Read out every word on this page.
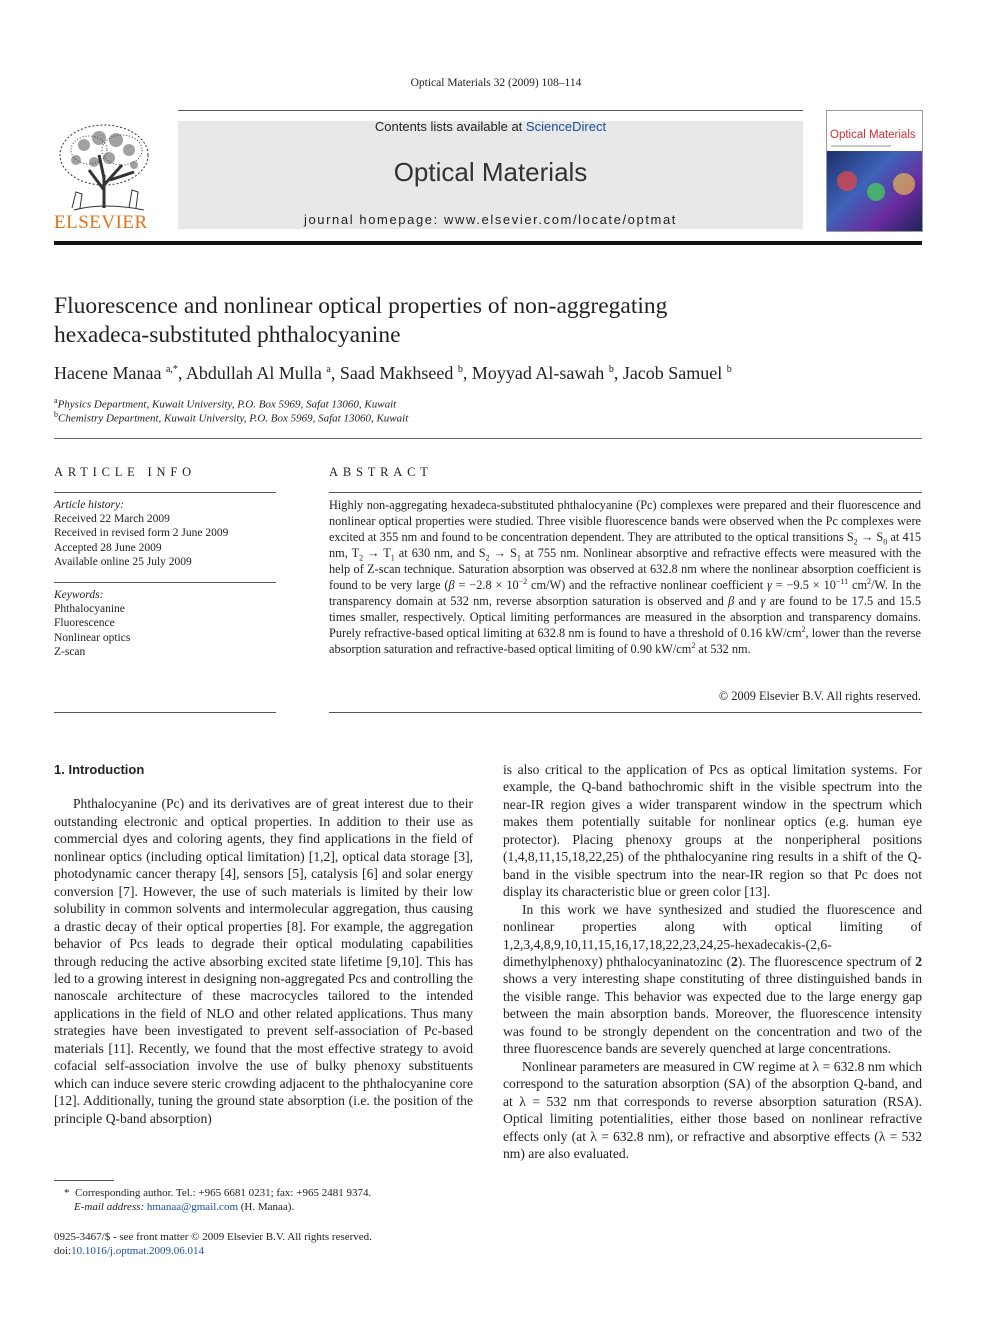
Optical Materials 32 (2009) 108–114
ELSEVIER
Contents lists available at ScienceDirect
Optical Materials
journal homepage: www.elsevier.com/locate/optmat
Optical Materials
Fluorescence and nonlinear optical properties of non-aggregating
hexadeca-substituted phthalocyanine
Hacene Manaa $^{a,*}$, Abdullah Al Mulla $^a$, Saad Makhseed $^b$, Moyyad Al-sawah $^b$, Jacob Samuel $^b$
$^a$Physics Department, Kuwait University, P.O. Box 5969, Safat 13060, Kuwait
$^b$Chemistry Department, Kuwait University, P.O. Box 5969, Safat 13060, Kuwait
ARTICLE INFO
Article history:
Received 22 March 2009
Received in revised form 2 June 2009
Accepted 28 June 2009
Available online 25 July 2009
Keywords:
Phthalocyanine
Fluorescence
Nonlinear optics
Z-scan
ABSTRACT
Highly non-aggregating hexadeca-substituted phthalocyanine (Pc) complexes were prepared and their fluorescence and nonlinear optical properties were studied. Three visible fluorescence bands were observed when the Pc complexes were excited at 355 nm and found to be concentration dependent. They are attributed to the optical transitions $S_2 \to S_0$ at 415 nm, $T_2 \to T_1$ at 630 nm, and $S_2 \to S_1$ at 755 nm. Nonlinear absorptive and refractive effects were measured with the help of Z-scan technique. Saturation absorption was observed at 632.8 nm where the nonlinear absorption coefficient is found to be very large ($\beta = -2.8 \times 10^{-2}$ cm/W) and the refractive nonlinear coefficient $\gamma = -9.5 \times 10^{-11}$ $cm^2/W$. In the transparency domain at 532 nm, reverse absorption saturation is observed and β and γ are found to be 17.5 and 15.5 times smaller, respectively. Optical limiting performances are measured in the absorption and transparency domains. Purely refractive-based optical limiting at 632.8 nm is found to have a threshold of 0.16 $kW/cm^2$, lower than the reverse absorption saturation and refractive-based optical limiting of 0.90 $kW/cm^2$ at 532 nm.
© 2009 Elsevier B.V. All rights reserved.

1. Introduction

Phthalocyanine (Pc) and its derivatives are of great interest due to their outstanding electronic and optical properties. In addition to their use as commercial dyes and coloring agents, they find applications in the field of nonlinear optics (including optical limitation) [1,2], optical data storage [3], photodynamic cancer therapy [4], sensors [5], catalysis [6] and solar energy conversion [7]. However, the use of such materials is limited by their low solubility in common solvents and intermolecular aggregation, thus causing a drastic decay of their optical properties [8]. For example, the aggregation behavior of Pcs leads to degrade their optical modulating capabilities through reducing the active absorbing excited state lifetime [9,10]. This has led to a growing interest in designing non-aggregated Pcs and controlling the nanoscale architecture of these macrocycles tailored to the intended applications in the field of NLO and other related applications. Thus many strategies have been investigated to prevent self-association of Pc-based materials [11]. Recently, we found that the most effective strategy to avoid cofacial self-association involve the use of bulky phenoxy substituents which can induce severe steric crowding adjacent to the phthalocyanine core [12]. Additionally, tuning the ground state absorption (i.e. the position of the principle Q-band absorption)

is also critical to the application of Pcs as optical limitation systems. For example, the Q-band bathochromic shift in the visible spectrum into the near-IR region gives a wider transparent window in the spectrum which makes them potentially suitable for nonlinear optics (e.g. human eye protector). Placing phenoxy groups at the nonperipheral positions (1,4,8,11,15,18,22,25) of the phthalocyanine ring results in a shift of the Q-band in the visible spectrum into the near-IR region so that Pc does not display its characteristic blue or green color [13].

In this work we have synthesized and studied the fluorescence and nonlinear properties along with optical limiting of 1,2,3,4,8,9,10,11,15,16,17,18,22,23,24,25-hexadecakis-(2,6-dimethylphenoxy) phthalocyaninatozinc (2). The fluorescence spectrum of 2 shows a very interesting shape constituting of three distinguished bands in the visible range. This behavior was expected due to the large energy gap between the main absorption bands. Moreover, the fluorescence intensity was found to be strongly dependent on the concentration and two of the three fluorescence bands are severely quenched at large concentrations.

Nonlinear parameters are measured in CW regime at λ = 632.8 nm which correspond to the saturation absorption (SA) of the absorption Q-band, and at λ = 532 nm that corresponds to reverse absorption saturation (RSA). Optical limiting potentialities, either those based on nonlinear refractive effects only (at λ = 632.8 nm), or refractive and absorptive effects (λ = 532 nm) are also evaluated.

* Corresponding author. Tel.: +965 6681 0231; fax: +965 2481 9374.
E-mail address: hmanaa@gmail.com (H. Manaa).
0925-3467/$ - see front matter © 2009 Elsevier B.V. All rights reserved.
doi:10.1016/j.optmat.2009.06.014
